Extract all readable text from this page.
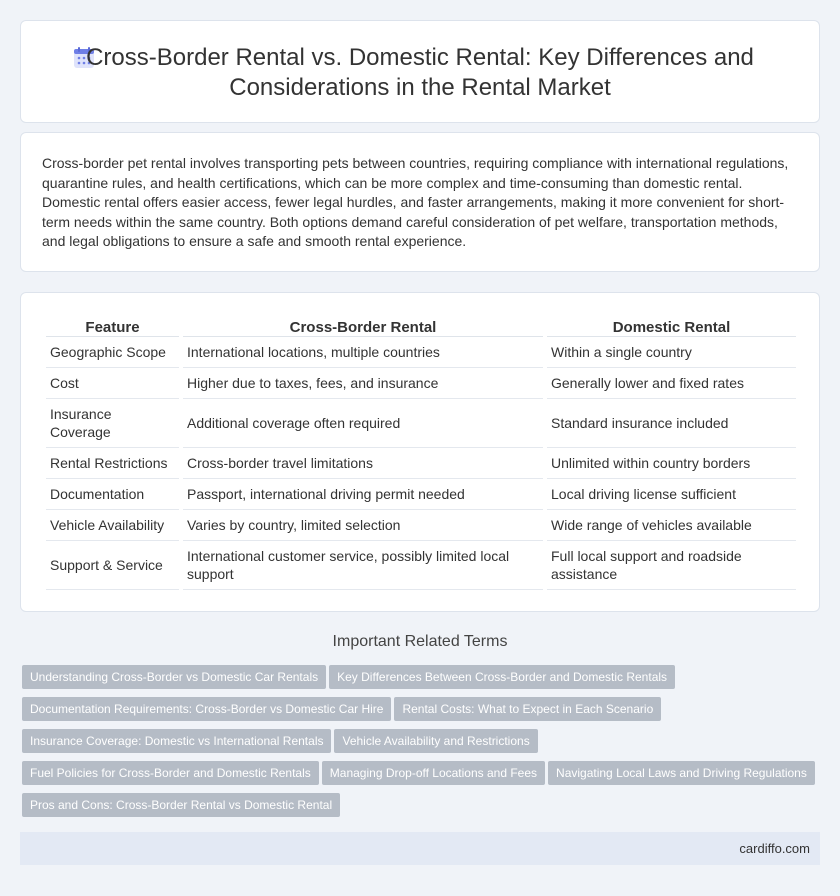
Cross-Border Rental vs. Domestic Rental: Key Differences and
Considerations in the Rental Market

Cross-border pet rental involves transporting pets between countries, requiring compliance with international regulations, quarantine rules, and health certifications, which can be more complex and time-consuming than domestic rental. Domestic rental offers easier access, fewer legal hurdles, and faster arrangements, making it more convenient for short-term needs within the same country. Both options demand careful consideration of pet welfare, transportation methods, and legal obligations to ensure a safe and smooth rental experience.

Feature	Cross-Border Rental	Domestic Rental
Geographic Scope	International locations, multiple countries	Within a single country
Cost	Higher due to taxes, fees, and insurance	Generally lower and fixed rates
Insurance Coverage	Additional coverage often required	Standard insurance included
Rental Restrictions	Cross-border travel limitations	Unlimited within country borders
Documentation	Passport, international driving permit needed	Local driving license sufficient
Vehicle Availability	Varies by country, limited selection	Wide range of vehicles available
Support & Service	International customer service, possibly limited local support	Full local support and roadside assistance
Important Related Terms
Understanding Cross-Border vs Domestic Car Rentals Key Differences Between Cross-Border and Domestic Rentals
Documentation Requirements: Cross-Border vs Domestic Car Hire Rental Costs: What to Expect in Each Scenario
Insurance Coverage: Domestic vs International Rentals Vehicle Availability and Restrictions
Fuel Policies for Cross-Border and Domestic Rentals Managing Drop-off Locations and Fees Navigating Local Laws and Driving Regulations
Pros and Cons: Cross-Border Rental vs Domestic Rental
cardiffo.com
